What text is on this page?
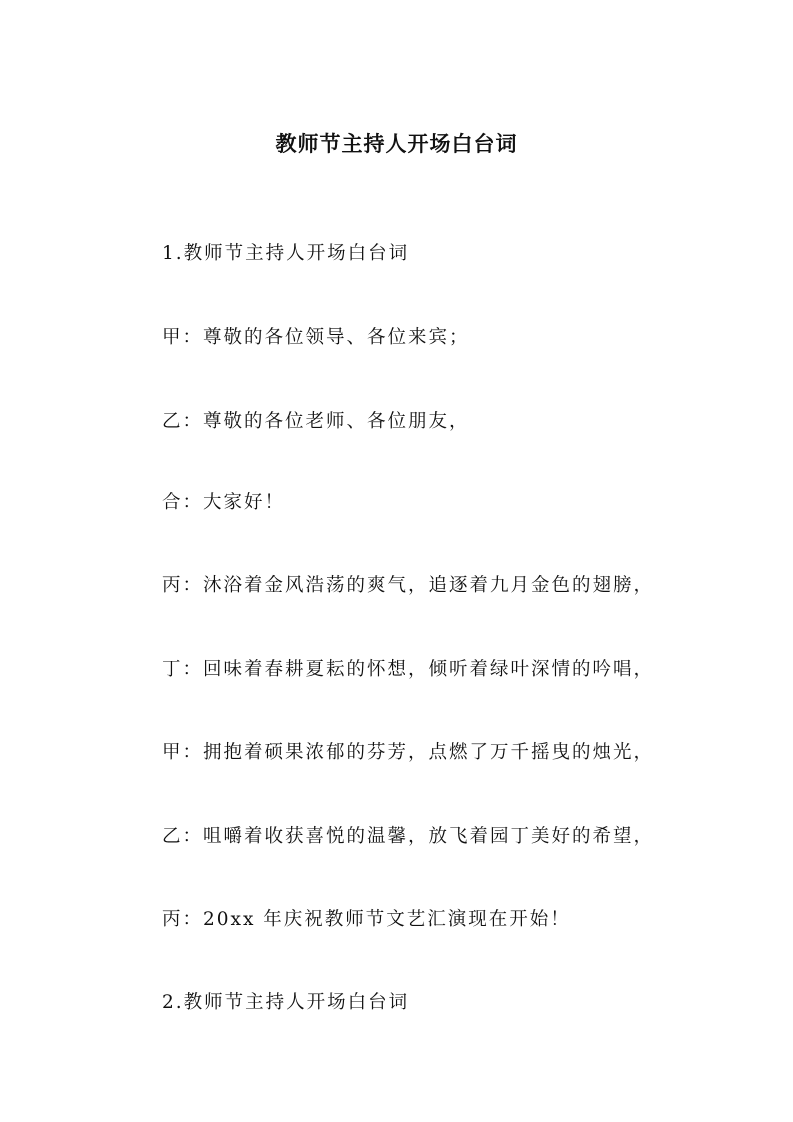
教师节主持人开场白台词
1.教师节主持人开场白台词
甲：尊敬的各位领导、各位来宾；
乙：尊敬的各位老师、各位朋友，
合：大家好！
丙：沐浴着金风浩荡的爽气，追逐着九月金色的翅膀，
丁：回味着春耕夏耘的怀想，倾听着绿叶深情的吟唱，
甲：拥抱着硕果浓郁的芬芳，点燃了万千摇曳的烛光，
乙：咀嚼着收获喜悦的温馨，放飞着园丁美好的希望，
丙：20xx 年庆祝教师节文艺汇演现在开始！
2.教师节主持人开场白台词
